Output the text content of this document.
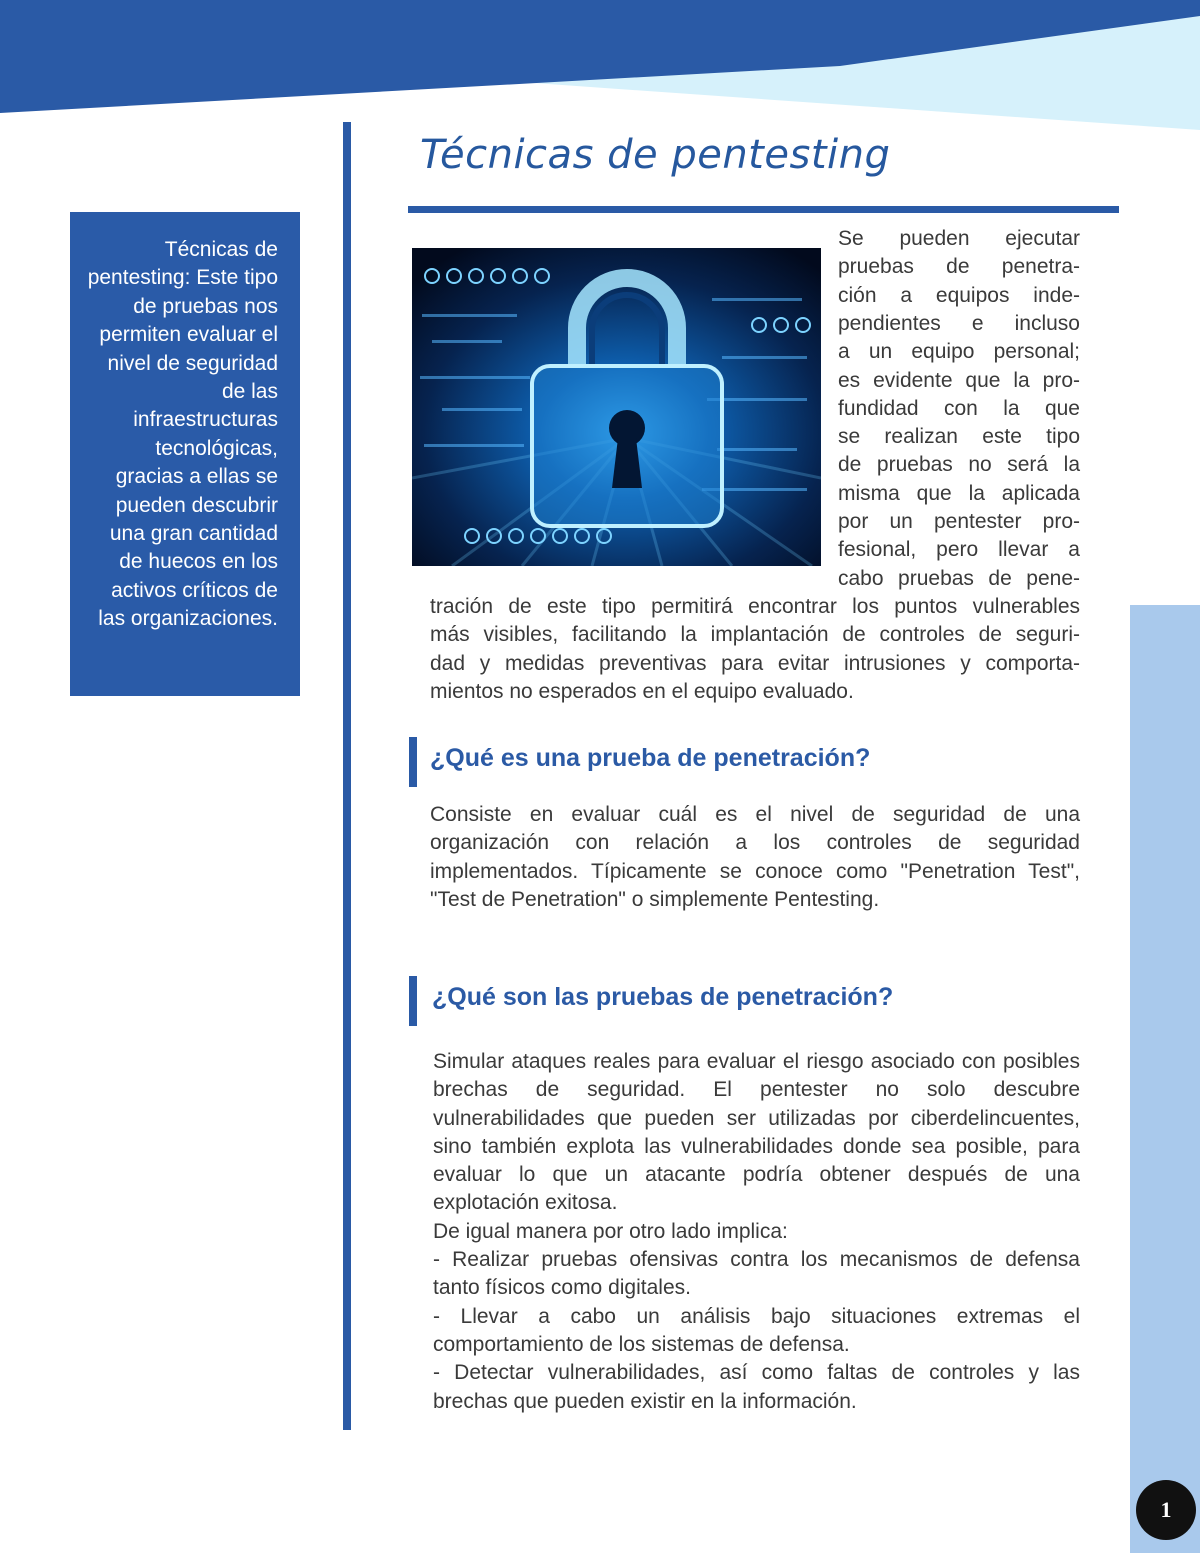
1

Técnicas de pentesting: Este tipo de pruebas nos permiten evaluar el nivel de seguridad de las infraestructuras tecnológicas, gracias a ellas se pueden descubrir una gran cantidad de huecos en los activos críticos de las organizaciones.

Técnicas de pentesting
Se pueden ejecutar
pruebas de penetra-
ción a equipos inde-
pendientes e incluso
a un equipo personal;
es evidente que la pro-
fundidad con la que
se realizan este tipo
de pruebas no será la
misma que la aplicada
por un pentester pro-
fesional, pero llevar a
cabo pruebas de pene-
tración de este tipo permitirá encontrar los puntos vulnerables
más visibles, facilitando la implantación de controles de seguri-
dad y medidas preventivas para evitar intrusiones y comporta-
mientos no esperados en el equipo evaluado.
¿Qué es una prueba de penetración?

Consiste en evaluar cuál es el nivel de seguridad de una organización con relación a los controles de seguridad implementados. Típicamente se conoce como "Penetration Test", "Test de Penetration" o simplemente Pentesting.

¿Qué son las pruebas de penetración?

Simular ataques reales para evaluar el riesgo asociado con posibles brechas de seguridad. El pentester no solo descubre vulnerabilidades que pueden ser utilizadas por ciberdelincuentes, sino también explota las vulnerabilidades donde sea posible, para evaluar lo que un atacante podría obtener después de una explotación exitosa.

De igual manera por otro lado implica:

- Realizar pruebas ofensivas contra los mecanismos de defensa tanto físicos como digitales.

- Llevar a cabo un análisis bajo situaciones extremas el comportamiento de los sistemas de defensa.

- Detectar vulnerabilidades, así como faltas de controles y las brechas que pueden existir en la información.
